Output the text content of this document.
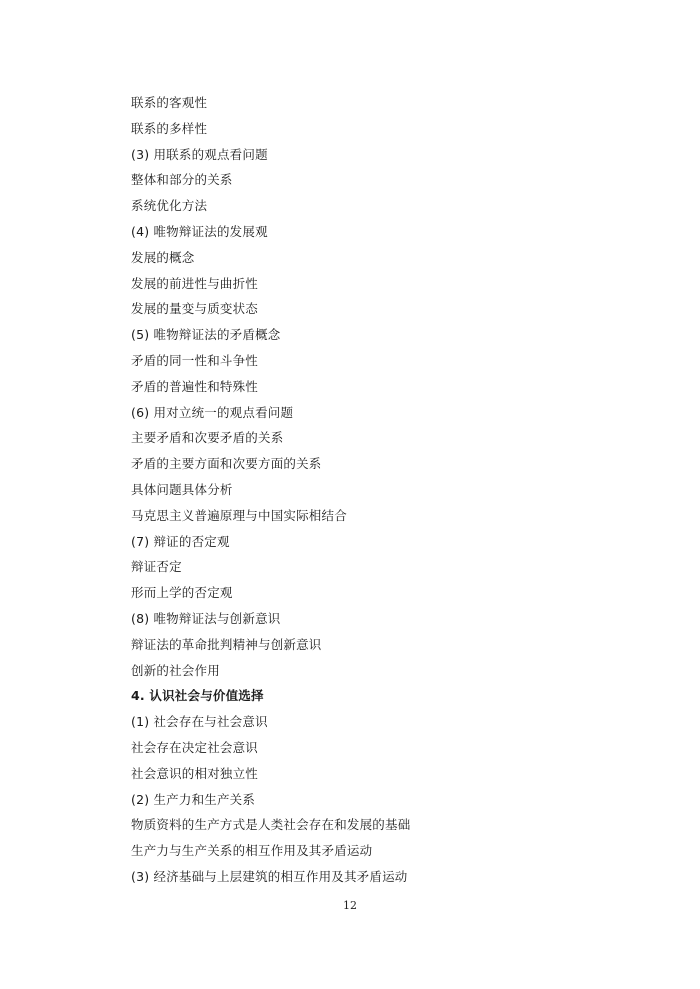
联系的客观性
联系的多样性
(3) 用联系的观点看问题
整体和部分的关系
系统优化方法
(4) 唯物辩证法的发展观
发展的概念
发展的前进性与曲折性
发展的量变与质变状态
(5) 唯物辩证法的矛盾概念
矛盾的同一性和斗争性
矛盾的普遍性和特殊性
(6) 用对立统一的观点看问题
主要矛盾和次要矛盾的关系
矛盾的主要方面和次要方面的关系
具体问题具体分析
马克思主义普遍原理与中国实际相结合
(7) 辩证的否定观
辩证否定
形而上学的否定观
(8) 唯物辩证法与创新意识
辩证法的革命批判精神与创新意识
创新的社会作用
4. 认识社会与价值选择
(1) 社会存在与社会意识
社会存在决定社会意识
社会意识的相对独立性
(2) 生产力和生产关系
物质资料的生产方式是人类社会存在和发展的基础
生产力与生产关系的相互作用及其矛盾运动
(3) 经济基础与上层建筑的相互作用及其矛盾运动
12
